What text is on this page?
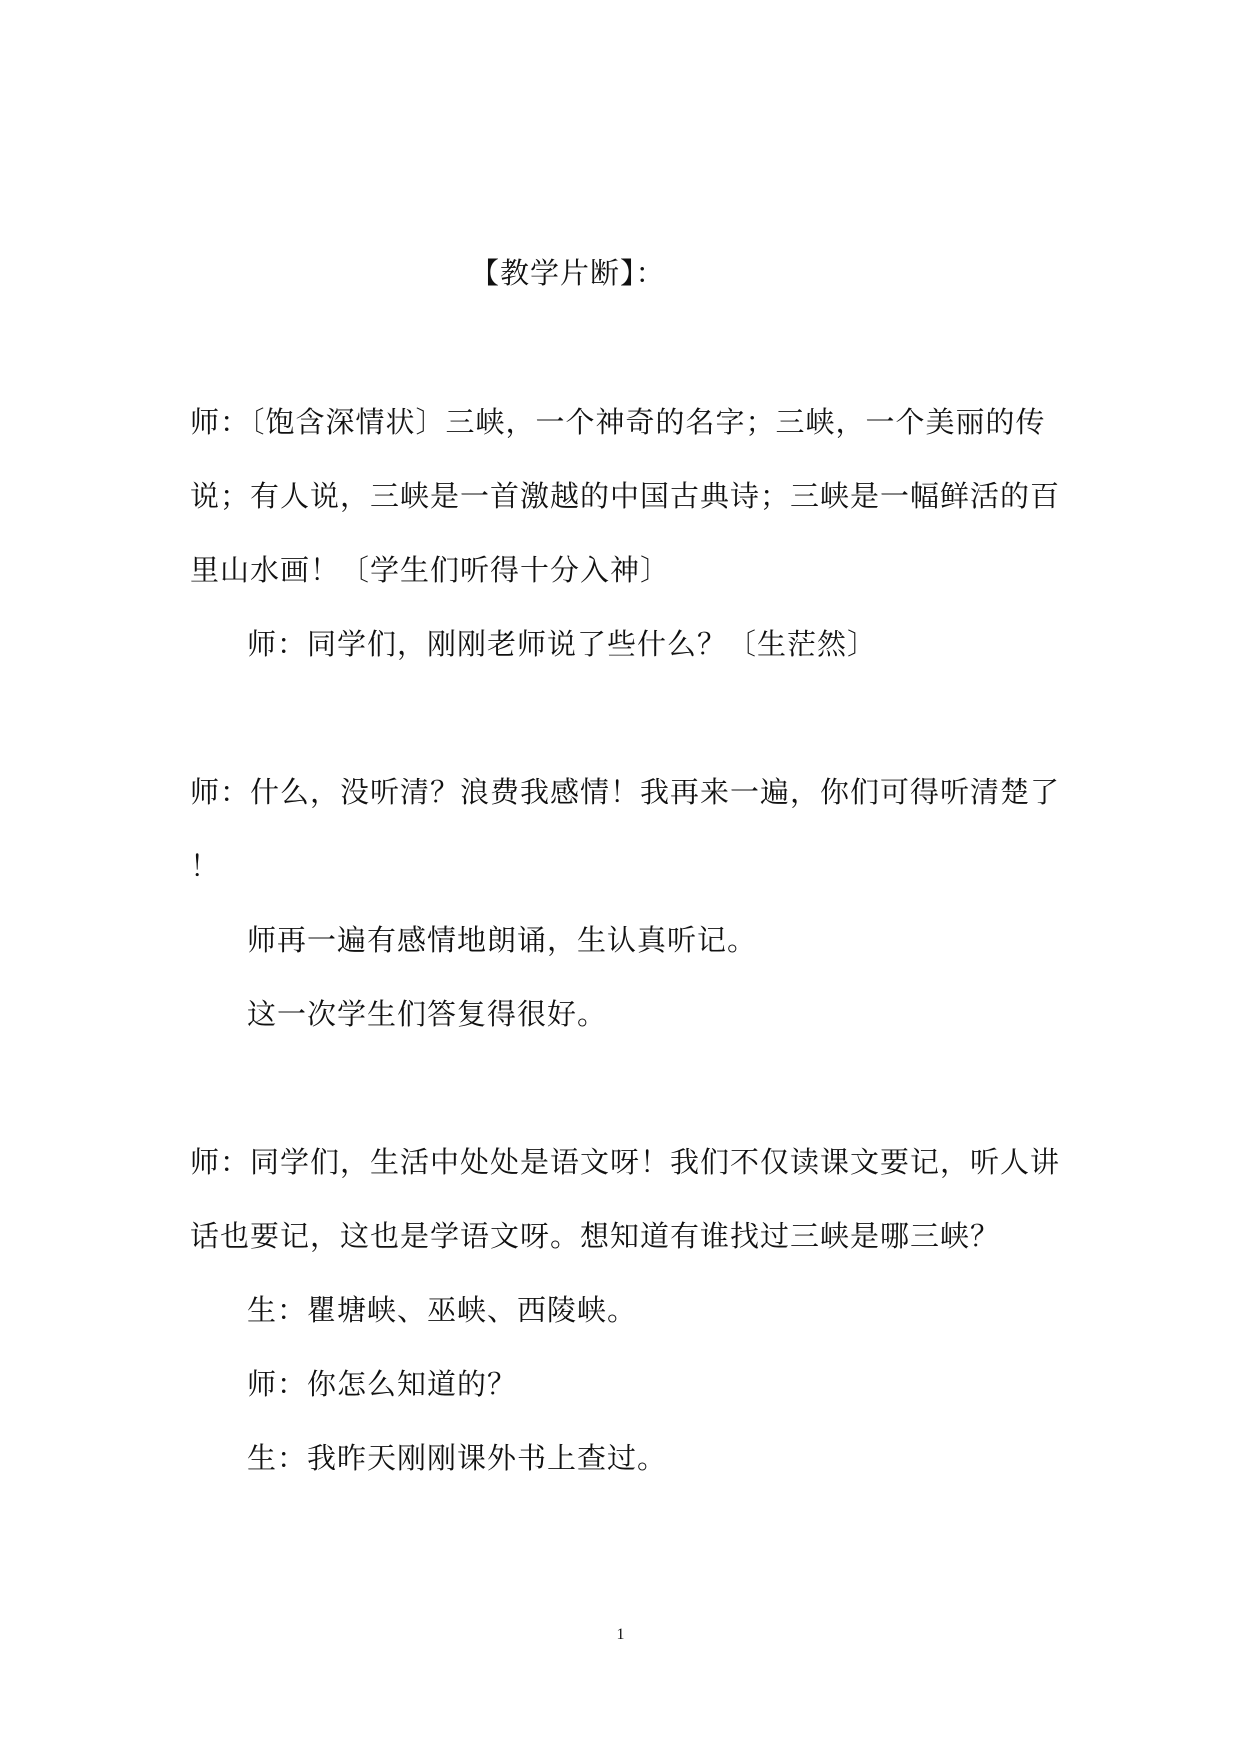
【教学片断】：
师：〔饱含深情状〕三峡，一个神奇的名字；三峡，一个美丽的传
说；有人说，三峡是一首激越的中国古典诗；三峡是一幅鲜活的百
里山水画！〔学生们听得十分入神〕
师：同学们，刚刚老师说了些什么？〔生茫然〕
师：什么，没听清？浪费我感情！我再来一遍，你们可得听清楚了
！
师再一遍有感情地朗诵，生认真听记。
这一次学生们答复得很好。
师：同学们，生活中处处是语文呀！我们不仅读课文要记，听人讲
话也要记，这也是学语文呀。想知道有谁找过三峡是哪三峡？
生：瞿塘峡、巫峡、西陵峡。
师：你怎么知道的？
生：我昨天刚刚课外书上查过。
1
